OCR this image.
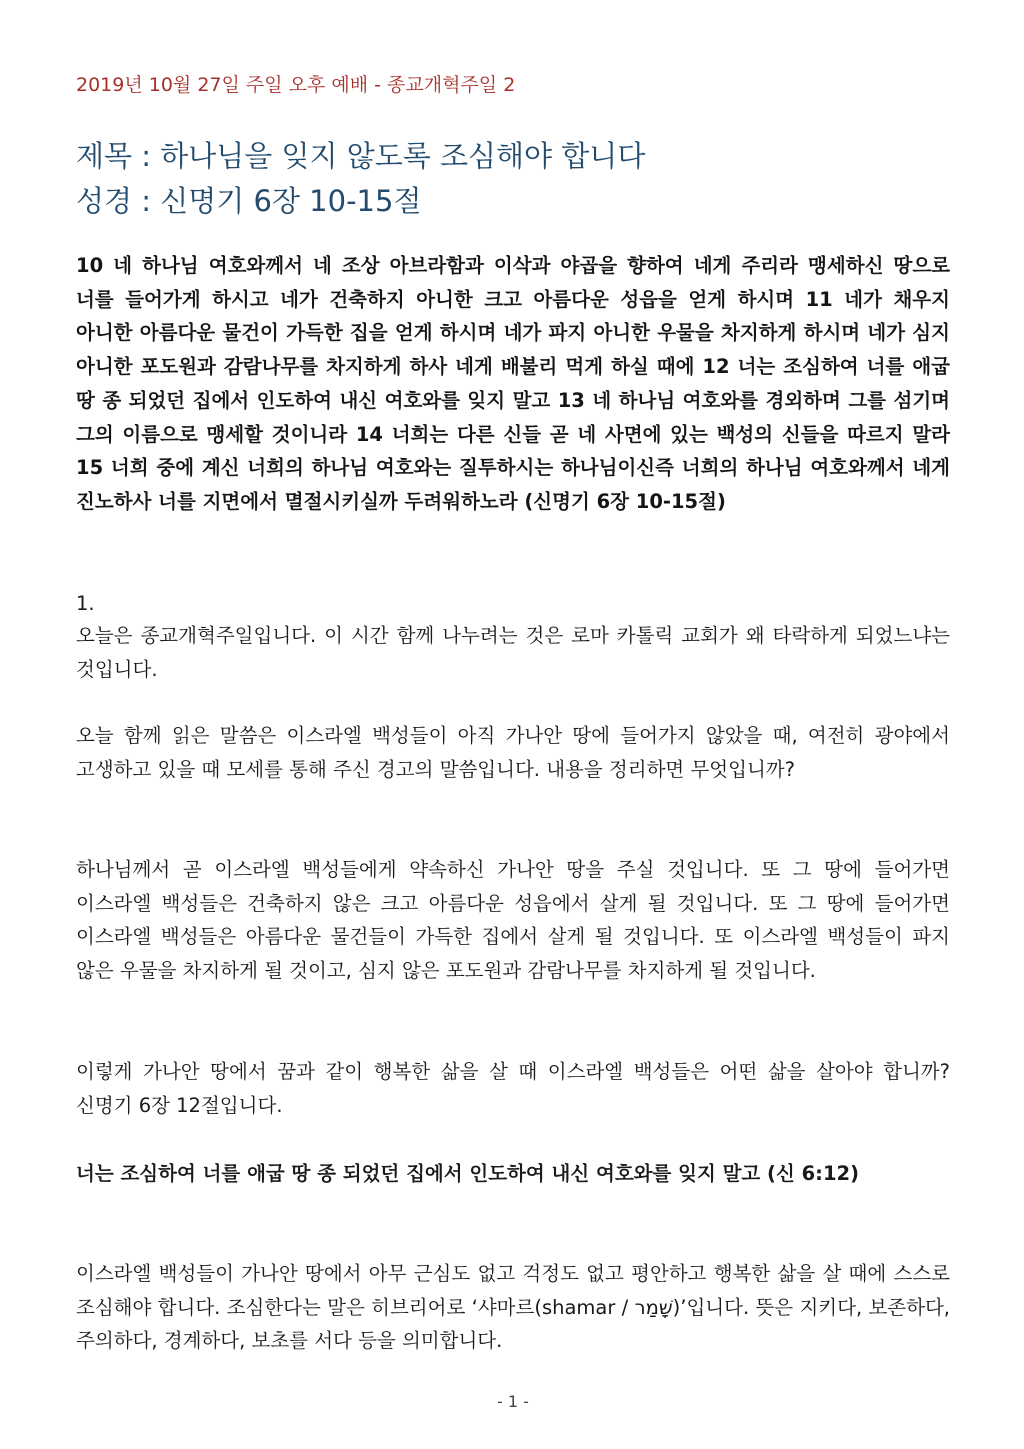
2019년 10월 27일 주일 오후 예배 - 종교개혁주일 2
제목 : 하나님을 잊지 않도록 조심해야 합니다
성경 : 신명기 6장 10-15절
10 네 하나님 여호와께서 네 조상 아브라함과 이삭과 야곱을 향하여 네게 주리라 맹세하신 땅으로 너를 들어가게 하시고 네가 건축하지 아니한 크고 아름다운 성읍을 얻게 하시며 11 네가 채우지 아니한 아름다운 물건이 가득한 집을 얻게 하시며 네가 파지 아니한 우물을 차지하게 하시며 네가 심지 아니한 포도원과 감람나무를 차지하게 하사 네게 배불리 먹게 하실 때에 12 너는 조심하여 너를 애굽 땅 종 되었던 집에서 인도하여 내신 여호와를 잊지 말고 13 네 하나님 여호와를 경외하며 그를 섬기며 그의 이름으로 맹세할 것이니라 14 너희는 다른 신들 곧 네 사면에 있는 백성의 신들을 따르지 말라 15 너희 중에 계신 너희의 하나님 여호와는 질투하시는 하나님이신즉 너희의 하나님 여호와께서 네게 진노하사 너를 지면에서 멸절시키실까 두려워하노라 (신명기 6장 10-15절)
1.
오늘은 종교개혁주일입니다. 이 시간 함께 나누려는 것은 로마 카톨릭 교회가 왜 타락하게 되었느냐는 것입니다.
오늘 함께 읽은 말씀은 이스라엘 백성들이 아직 가나안 땅에 들어가지 않았을 때, 여전히 광야에서 고생하고 있을 때 모세를 통해 주신 경고의 말씀입니다. 내용을 정리하면 무엇입니까?
하나님께서 곧 이스라엘 백성들에게 약속하신 가나안 땅을 주실 것입니다. 또 그 땅에 들어가면 이스라엘 백성들은 건축하지 않은 크고 아름다운 성읍에서 살게 될 것입니다. 또 그 땅에 들어가면 이스라엘 백성들은 아름다운 물건들이 가득한 집에서 살게 될 것입니다. 또 이스라엘 백성들이 파지 않은 우물을 차지하게 될 것이고, 심지 않은 포도원과 감람나무를 차지하게 될 것입니다.
이렇게 가나안 땅에서 꿈과 같이 행복한 삶을 살 때 이스라엘 백성들은 어떤 삶을 살아야 합니까? 신명기 6장 12절입니다.
너는 조심하여 너를 애굽 땅 종 되었던 집에서 인도하여 내신 여호와를 잊지 말고 (신 6:12)
이스라엘 백성들이 가나안 땅에서 아무 근심도 없고 걱정도 없고 평안하고 행복한 삶을 살 때에 스스로 조심해야 합니다. 조심한다는 말은 히브리어로 ‘샤마르(shamar / שָׁמַר)’입니다. 뜻은 지키다, 보존하다, 주의하다, 경계하다, 보초를 서다 등을 의미합니다.
- 1 -
